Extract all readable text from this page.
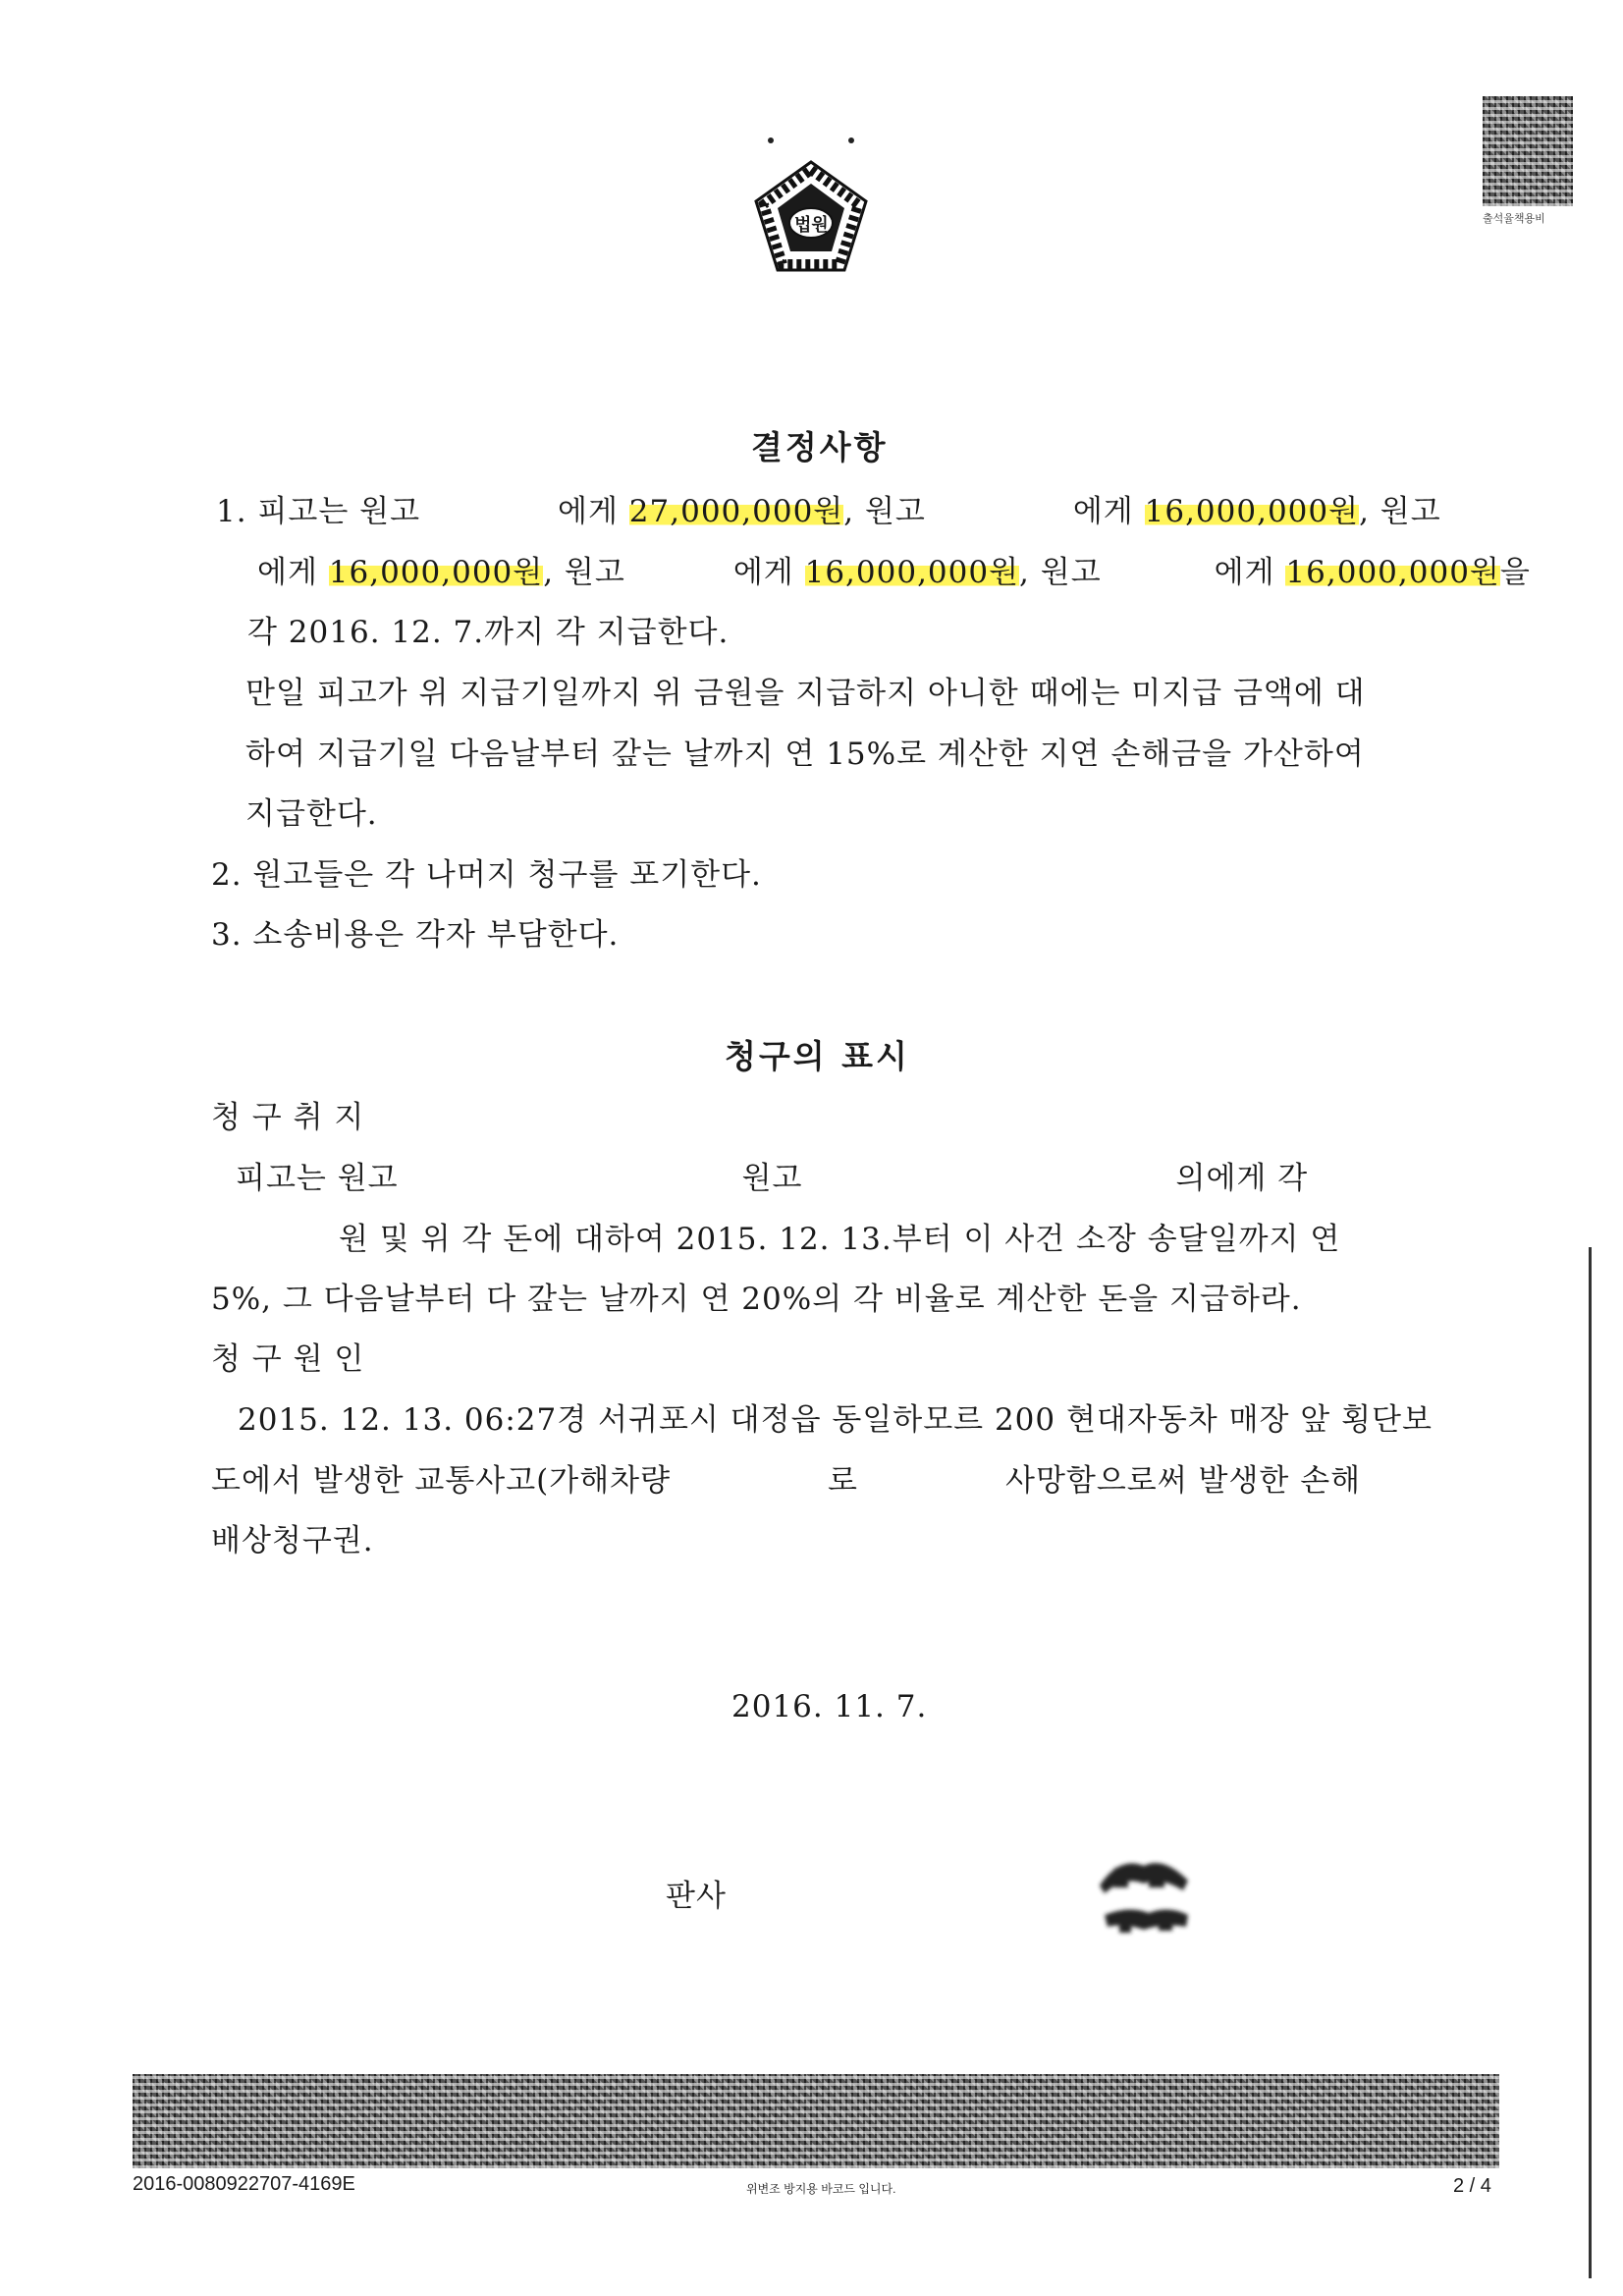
법원	출석율책용비
결정사항
1. 피고는 원고	에게 27,000,000원, 원고	에게 16,000,000원, 원고
에게 16,000,000원, 원고	에게 16,000,000원, 원고	에게 16,000,000원을
각 2016. 12. 7.까지 각 지급한다.
만일 피고가 위 지급기일까지 위 금원을 지급하지 아니한 때에는 미지급 금액에 대
하여 지급기일 다음날부터 갚는 날까지 연 15%로 계산한 지연 손해금을 가산하여
지급한다.
2. 원고들은 각 나머지 청구를 포기한다.
3. 소송비용은 각자 부담한다.
청구의 표시
청 구 취 지
피고는 원고	원고	의에게 각
원 및 위 각 돈에 대하여 2015. 12. 13.부터 이 사건 소장 송달일까지 연
5%, 그 다음날부터 다 갚는 날까지 연 20%의 각 비율로 계산한 돈을 지급하라.
청 구 원 인
2015. 12. 13. 06:27경 서귀포시 대정읍 동일하모르 200 현대자동차 매장 앞 횡단보
도에서 발생한 교통사고(가해차량	로	사망함으로써 발생한 손해
배상청구권.
2016. 11. 7.
판사
2016-0080922707-4169E	위변조 방지용 바코드 입니다.	2 / 4
